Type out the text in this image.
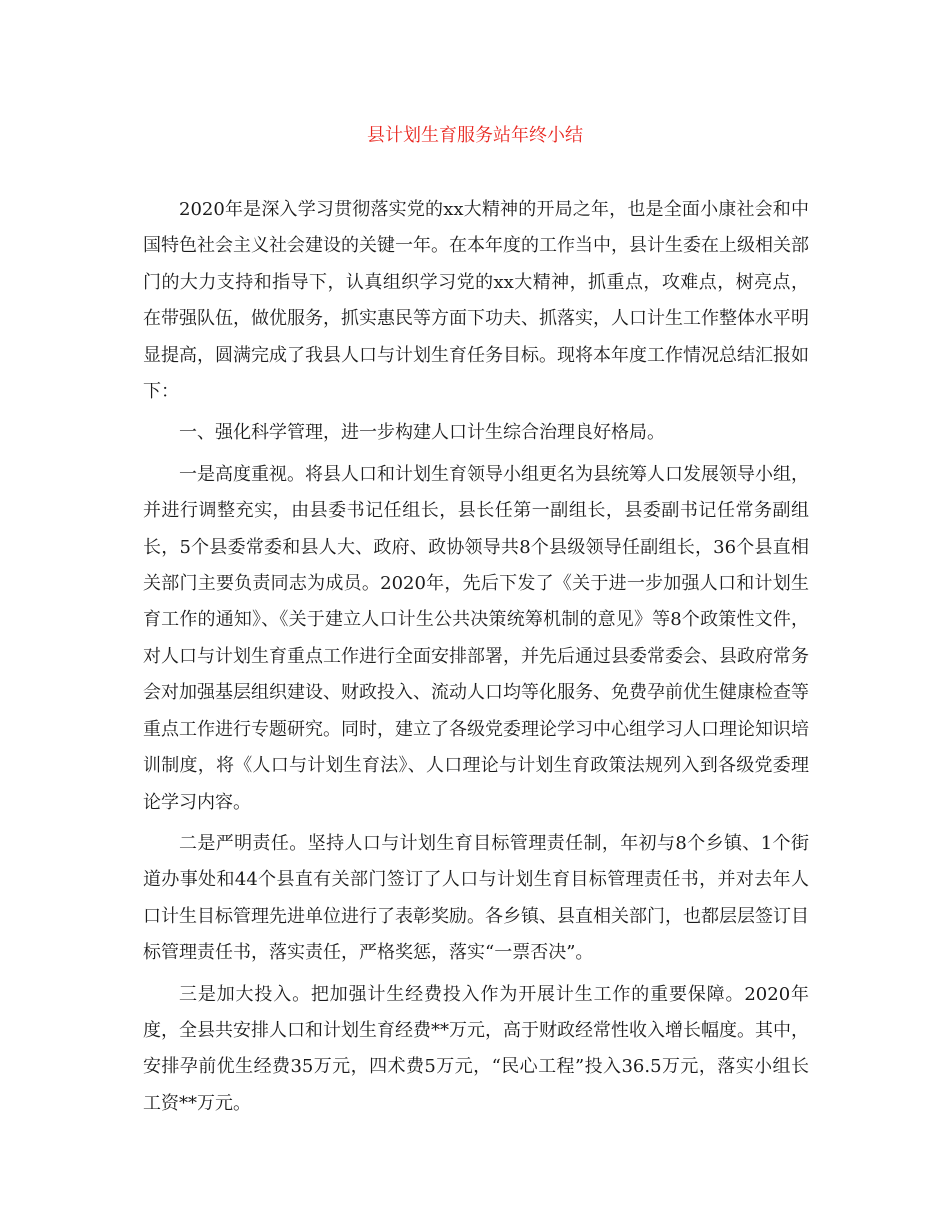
县计划生育服务站年终小结

2020年是深入学习贯彻落实党的xx大精神的开局之年，也是全面小康社会和中国特色社会主义社会建设的关键一年。在本年度的工作当中，县计生委在上级相关部门的大力支持和指导下，认真组织学习党的xx大精神，抓重点，攻难点，树亮点，在带强队伍，做优服务，抓实惠民等方面下功夫、抓落实，人口计生工作整体水平明显提高，圆满完成了我县人口与计划生育任务目标。现将本年度工作情况总结汇报如下：

一、强化科学管理，进一步构建人口计生综合治理良好格局。

一是高度重视。将县人口和计划生育领导小组更名为县统筹人口发展领导小组，并进行调整充实，由县委书记任组长，县长任第一副组长，县委副书记任常务副组长，5个县委常委和县人大、政府、政协领导共8个县级领导任副组长，36个县直相关部门主要负责同志为成员。2020年，先后下发了《关于进一步加强人口和计划生育工作的通知》、《关于建立人口计生公共决策统筹机制的意见》等8个政策性文件，对人口与计划生育重点工作进行全面安排部署，并先后通过县委常委会、县政府常务会对加强基层组织建设、财政投入、流动人口均等化服务、免费孕前优生健康检查等重点工作进行专题研究。同时，建立了各级党委理论学习中心组学习人口理论知识培训制度，将《人口与计划生育法》、人口理论与计划生育政策法规列入到各级党委理论学习内容。

二是严明责任。坚持人口与计划生育目标管理责任制，年初与8个乡镇、1个街道办事处和44个县直有关部门签订了人口与计划生育目标管理责任书，并对去年人口计生目标管理先进单位进行了表彰奖励。各乡镇、县直相关部门，也都层层签订目标管理责任书，落实责任，严格奖惩，落实“一票否决”。

三是加大投入。把加强计生经费投入作为开展计生工作的重要保障。2020年度，全县共安排人口和计划生育经费**万元，高于财政经常性收入增长幅度。其中，安排孕前优生经费35万元，四术费5万元，“民心工程”投入36.5万元，落实小组长工资**万元。
